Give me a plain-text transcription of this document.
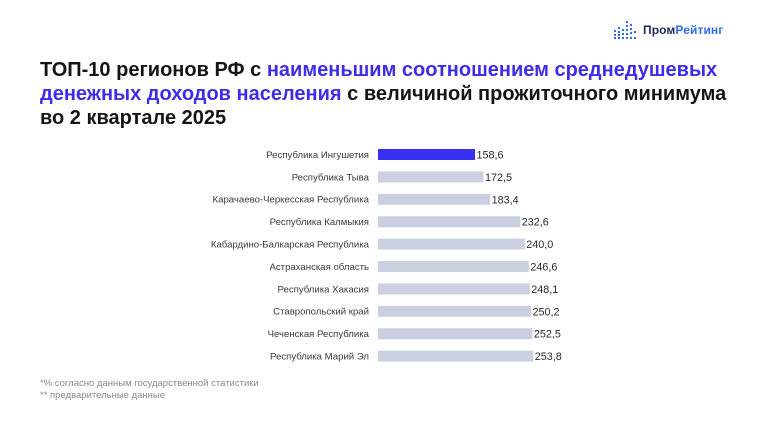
ПромРейтинг
ТОП-10 регионов РФ с наименьшим соотношением среднедушевых денежных доходов населения с величиной прожиточного минимума во 2 квартале 2025
Республика Ингушетия	158,6
Республика Тыва	172,5
Карачаево-Черкесская Республика	183,4
Республика Калмыкия	232,6
Кабардино-Балкарская Республика	240,0
Астраханская область	246,6
Республика Хакасия	248,1
Ставропольский край	250,2
Чеченская Республика	252,5
Республика Марий Эл	253,8
*% согласно данным государственной статистики
** предварительные данные
